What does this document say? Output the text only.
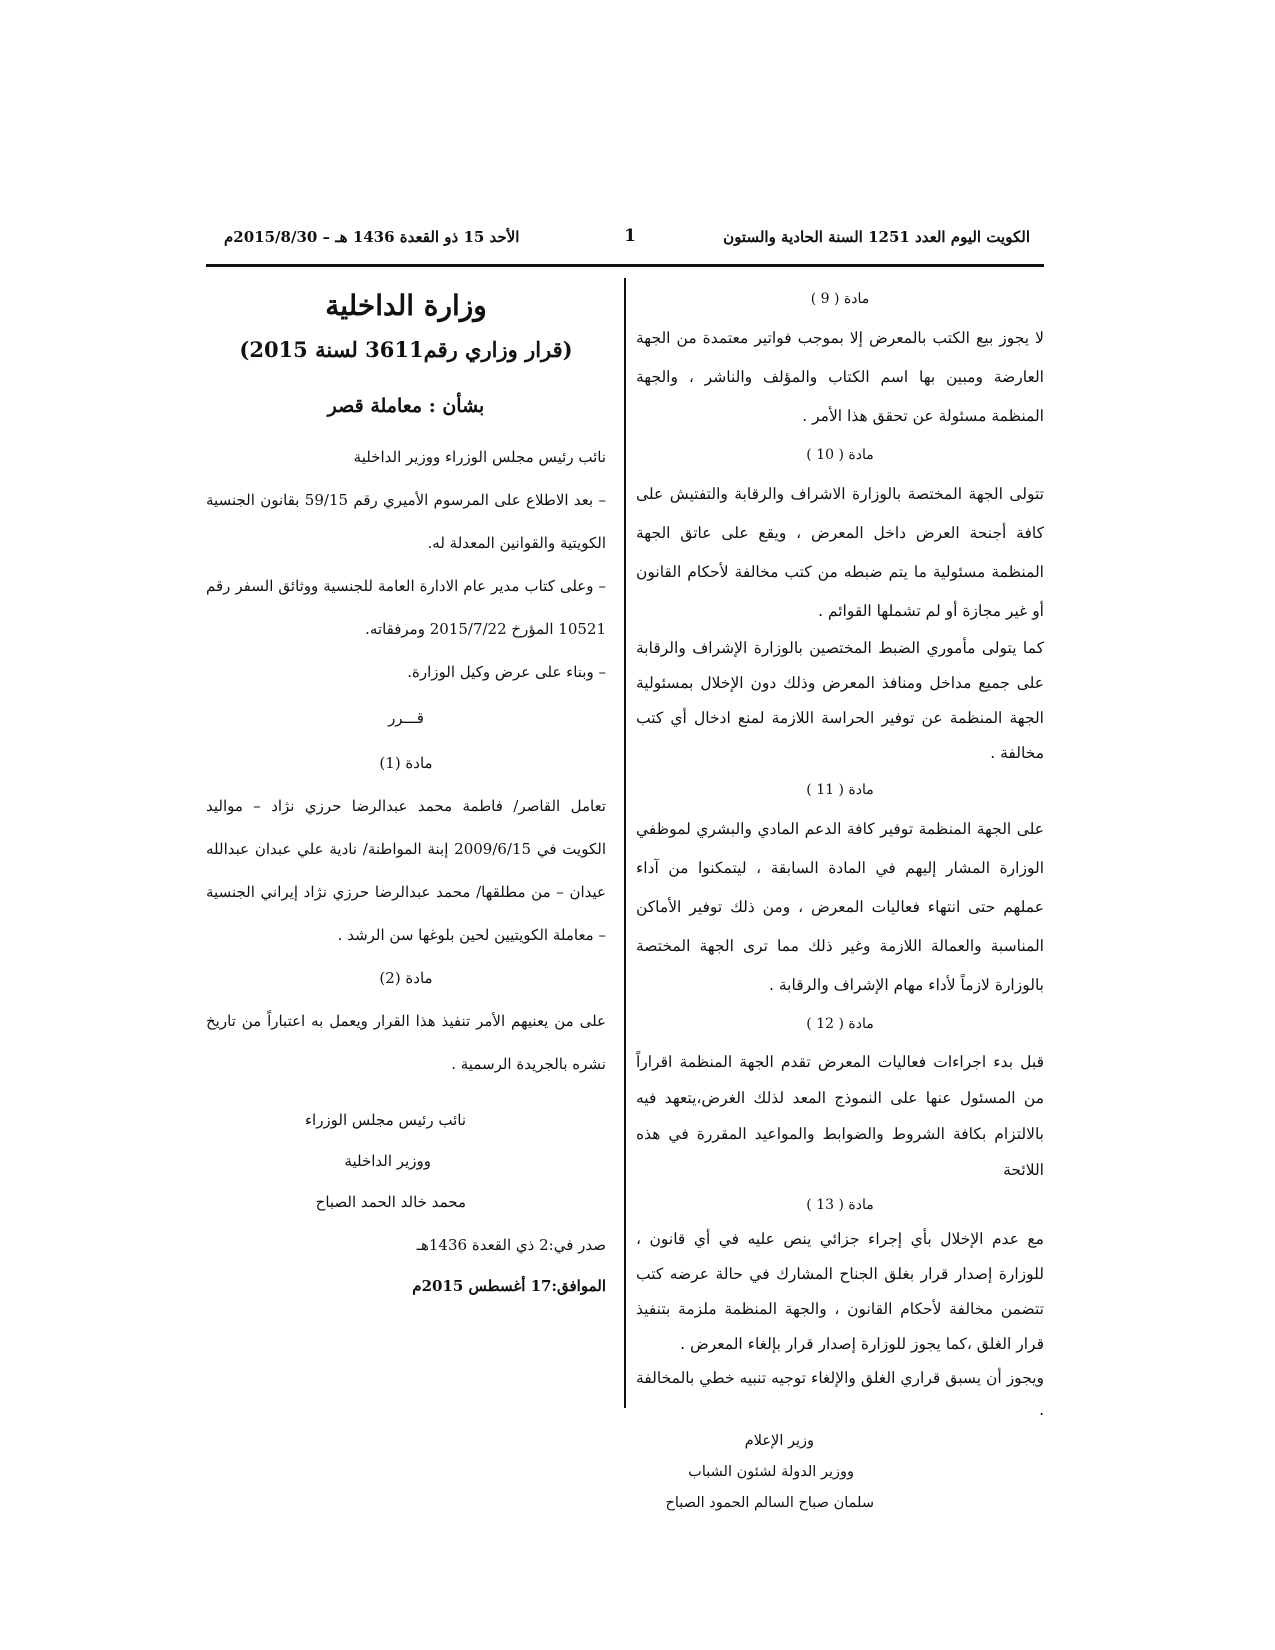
الكويت اليوم العدد 1251 السنة الحادية والستون
1
الأحد 15 ذو القعدة 1436 هـ – 2015/8/30م

مادة ( 9 )

لا يجوز بيع الكتب بالمعرض إلا بموجب فواتير معتمدة من الجهة العارضة ومبين بها اسم الكتاب والمؤلف والناشر ، والجهة المنظمة مسئولة عن تحقق هذا الأمر .

مادة ( 10 )

تتولى الجهة المختصة بالوزارة الاشراف والرقابة والتفتيش على كافة أجنحة العرض داخل المعرض ، ويقع على عاتق الجهة المنظمة مسئولية ما يتم ضبطه من كتب مخالفة لأحكام القانون أو غير مجازة أو لم تشملها القوائم .

كما يتولى مأموري الضبط المختصين بالوزارة الإشراف والرقابة على جميع مداخل ومنافذ المعرض وذلك دون الإخلال بمسئولية الجهة المنظمة عن توفير الحراسة اللازمة لمنع ادخال أي كتب مخالفة .

مادة ( 11 )

على الجهة المنظمة توفير كافة الدعم المادي والبشري لموظفي الوزارة المشار إليهم في المادة السابقة ، ليتمكنوا من آداء عملهم حتى انتهاء فعاليات المعرض ، ومن ذلك توفير الأماكن المناسبة والعمالة اللازمة وغير ذلك مما ترى الجهة المختصة بالوزارة لازماً لأداء مهام الإشراف والرقابة .

مادة ( 12 )

قبل بدء اجراءات فعاليات المعرض تقدم الجهة المنظمة اقراراً من المسئول عنها على النموذج المعد لذلك الغرض،يتعهد فيه بالالتزام بكافة الشروط والضوابط والمواعيد المقررة في هذه اللائحة

مادة ( 13 )

مع عدم الإخلال بأي إجراء جزائي ينص عليه في أي قانون ، للوزارة إصدار قرار بغلق الجناح المشارك في حالة عرضه كتب تتضمن مخالفة لأحكام القانون ، والجهة المنظمة ملزمة بتنفيذ قرار الغلق ،كما يجوز للوزارة إصدار قرار بإلغاء المعرض .

ويجوز أن يسبق قراري الغلق والإلغاء توجيه تنبيه خطي بالمخالفة .

وزير الإعلام

ووزير الدولة لشئون الشباب

سلمان صباح السالم الحمود الصباح

وزارة الداخلية
(قرار وزاري رقم3611 لسنة 2015)
بشأن : معاملة قصر

نائب رئيس مجلس الوزراء ووزير الداخلية

– بعد الاطلاع على المرسوم الأميري رقم 59/15 بقانون الجنسية الكويتية والقوانين المعدلة له.

– وعلى كتاب مدير عام الادارة العامة للجنسية ووثائق السفر رقم 10521 المؤرخ 2015/7/22 ومرفقاته.

– وبناء على عرض وكيل الوزارة.

قـــرر

مادة (1)

تعامل القاصر/ فاطمة محمد عبدالرضا حرزي نژاد – مواليد الكويت في 2009/6/15 إبنة المواطنة/ نادية علي عبدان عبدالله عيدان – من مطلقها/ محمد عبدالرضا حرزي نژاد إيراني الجنسية – معاملة الكويتيين لحين بلوغها سن الرشد .

مادة (2)

على من يعنيهم الأمر تنفيذ هذا القرار ويعمل به اعتباراً من تاريخ نشره بالجريدة الرسمية .

نائب رئيس مجلس الوزراء

ووزير الداخلية

محمد خالد الحمد الصباح

صدر في:2 ذي القعدة 1436هـ

الموافق:17 أغسطس 2015م
